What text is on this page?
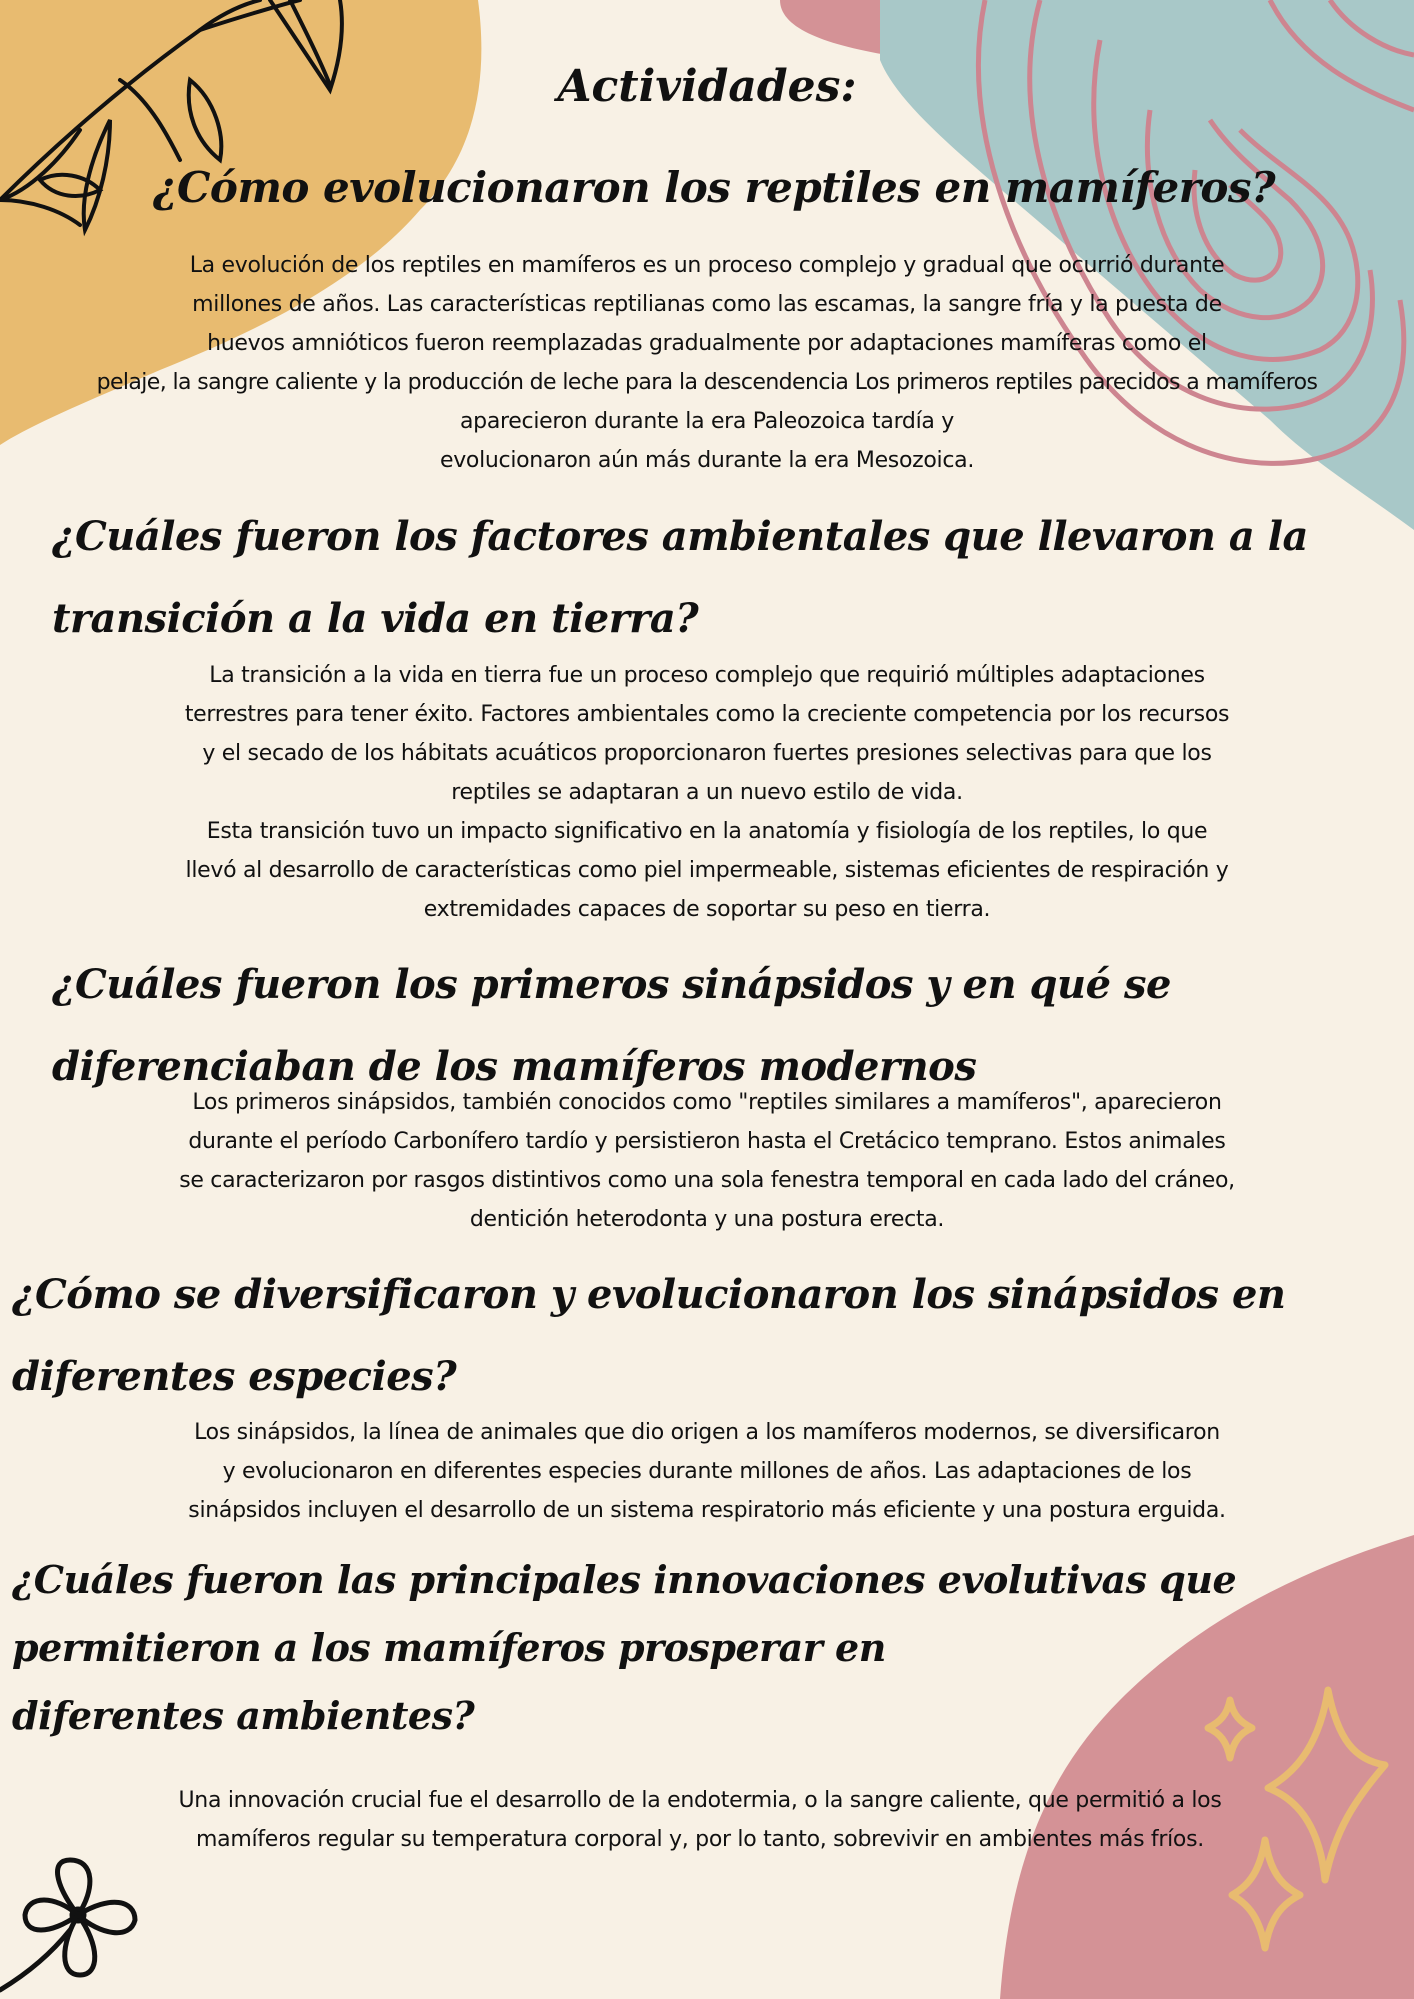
Actividades:
¿Cómo evolucionaron los reptiles en mamíferos?
La evolución de los reptiles en mamíferos es un proceso complejo y gradual que ocurrió durante
millones de años. Las características reptilianas como las escamas, la sangre fría y la puesta de
huevos amnióticos fueron reemplazadas gradualmente por adaptaciones mamíferas como el
pelaje, la sangre caliente y la producción de leche para la descendencia Los primeros reptiles parecidos a mamíferos
aparecieron durante la era Paleozoica tardía y
evolucionaron aún más durante la era Mesozoica.
¿Cuáles fueron los factores ambientales que llevaron a la
transición a la vida en tierra?
La transición a la vida en tierra fue un proceso complejo que requirió múltiples adaptaciones
terrestres para tener éxito. Factores ambientales como la creciente competencia por los recursos
y el secado de los hábitats acuáticos proporcionaron fuertes presiones selectivas para que los
reptiles se adaptaran a un nuevo estilo de vida.
Esta transición tuvo un impacto significativo en la anatomía y fisiología de los reptiles, lo que
llevó al desarrollo de características como piel impermeable, sistemas eficientes de respiración y
extremidades capaces de soportar su peso en tierra.
¿Cuáles fueron los primeros sinápsidos y en qué se
diferenciaban de los mamíferos modernos
Los primeros sinápsidos, también conocidos como "reptiles similares a mamíferos", aparecieron
durante el período Carbonífero tardío y persistieron hasta el Cretácico temprano. Estos animales
se caracterizaron por rasgos distintivos como una sola fenestra temporal en cada lado del cráneo,
dentición heterodonta y una postura erecta.
¿Cómo se diversificaron y evolucionaron los sinápsidos en
diferentes especies?
Los sinápsidos, la línea de animales que dio origen a los mamíferos modernos, se diversificaron
y evolucionaron en diferentes especies durante millones de años. Las adaptaciones de los
sinápsidos incluyen el desarrollo de un sistema respiratorio más eficiente y una postura erguida.
¿Cuáles fueron las principales innovaciones evolutivas que
permitieron a los mamíferos prosperar en
diferentes ambientes?
Una innovación crucial fue el desarrollo de la endotermia, o la sangre caliente, que permitió a los
mamíferos regular su temperatura corporal y, por lo tanto, sobrevivir en ambientes más fríos.
